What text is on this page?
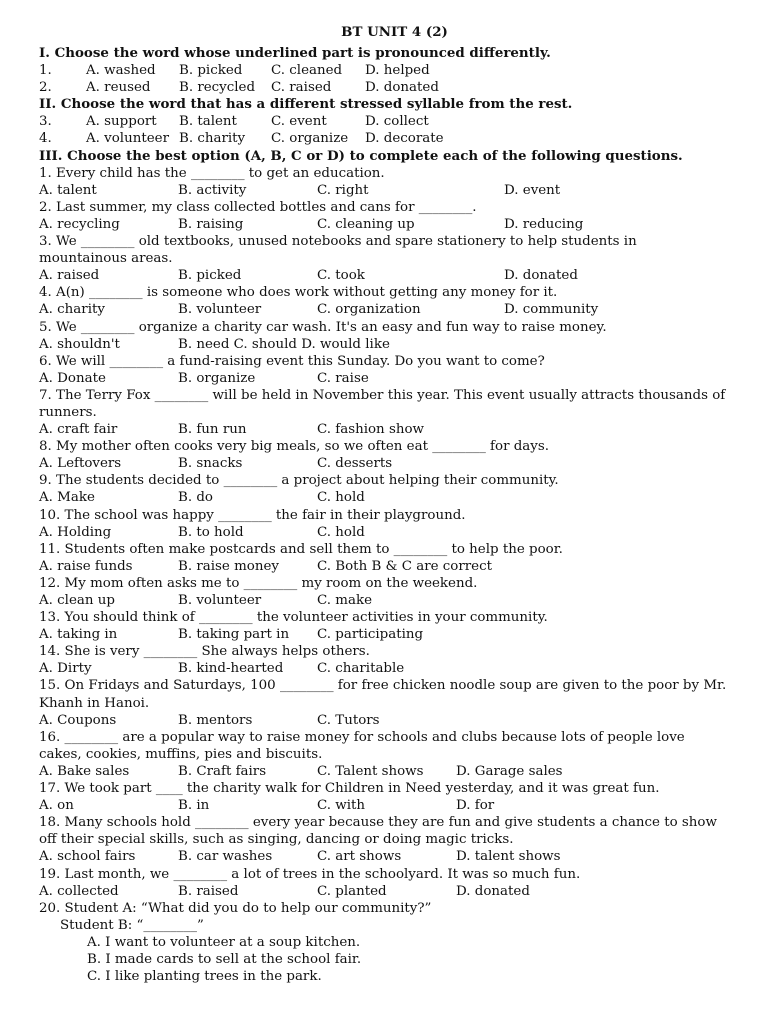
BT UNIT 4 (2)
I. Choose the word whose underlined part is pronounced differently.
1.	A. washed	B. picked	C. cleaned	D. helped
2.	A. reused	B. recycled	C. raised	D. donated
II. Choose the word that has a different stressed syllable from the rest.
3.	A. support	B. talent	C. event	D. collect
4.	A. volunteer B. charity	C. organize	D. decorate
III. Choose the best option (A, B, C or D) to complete each of the following questions.
1. Every child has the ________ to get an education.
A. talent	B. activity	C. right	D. event
2. Last summer, my class collected bottles and cans for ________.
A. recycling	B. raising	C. cleaning up	D. reducing
3. We ________ old textbooks, unused notebooks and spare stationery to help students in mountainous areas.
A. raised	B. picked	C. took	D. donated
4. A(n) ________ is someone who does work without getting any money for it.
A. charity	B. volunteer	C. organization	D. community
5. We ________ organize a charity car wash. It's an easy and fun way to raise money.
A. shouldn't	B. need C. should D. would like
6. We will ________ a fund-raising event this Sunday. Do you want to come?
A. Donate	B. organize	C. raise
7. The Terry Fox ________ will be held in November this year. This event usually attracts thousands of runners.
A. craft fair	B. fun run	C. fashion show
8. My mother often cooks very big meals, so we often eat ________ for days.
A. Leftovers	B. snacks	C. desserts
9. The students decided to ________ a project about helping their community.
A. Make	B. do	C. hold
10. The school was happy ________ the fair in their playground.
A. Holding	B. to hold	C. hold
11. Students often make postcards and sell them to ________ to help the poor.
A. raise funds	B. raise money	C. Both B & C are correct
12. My mom often asks me to ________ my room on the weekend.
A. clean up	B. volunteer	C. make
13. You should think of ________ the volunteer activities in your community.
A. taking in	B. taking part in	C. participating
14. She is very ________ She always helps others.
A. Dirty	B. kind-hearted	C. charitable
15. On Fridays and Saturdays, 100 ________ for free chicken noodle soup are given to the poor by Mr. Khanh in Hanoi.
A. Coupons	B. mentors	C. Tutors
16. ________ are a popular way to raise money for schools and clubs because lots of people love cakes, cookies, muffins, pies and biscuits.
A. Bake sales	B. Craft fairs	C. Talent shows	D. Garage sales
17. We took part ____ the charity walk for Children in Need yesterday, and it was great fun.
A. on	B. in	C. with	D. for
18. Many schools hold ________ every year because they are fun and give students a chance to show off their special skills, such as singing, dancing or doing magic tricks.
A. school fairs	B. car washes	C. art shows	D. talent shows
19. Last month, we ________ a lot of trees in the schoolyard. It was so much fun.
A. collected	B. raised	C. planted	D. donated
20. Student A: “What did you do to help our community?”
Student B: “________”
A. I want to volunteer at a soup kitchen.
B. I made cards to sell at the school fair.
C. I like planting trees in the park.
